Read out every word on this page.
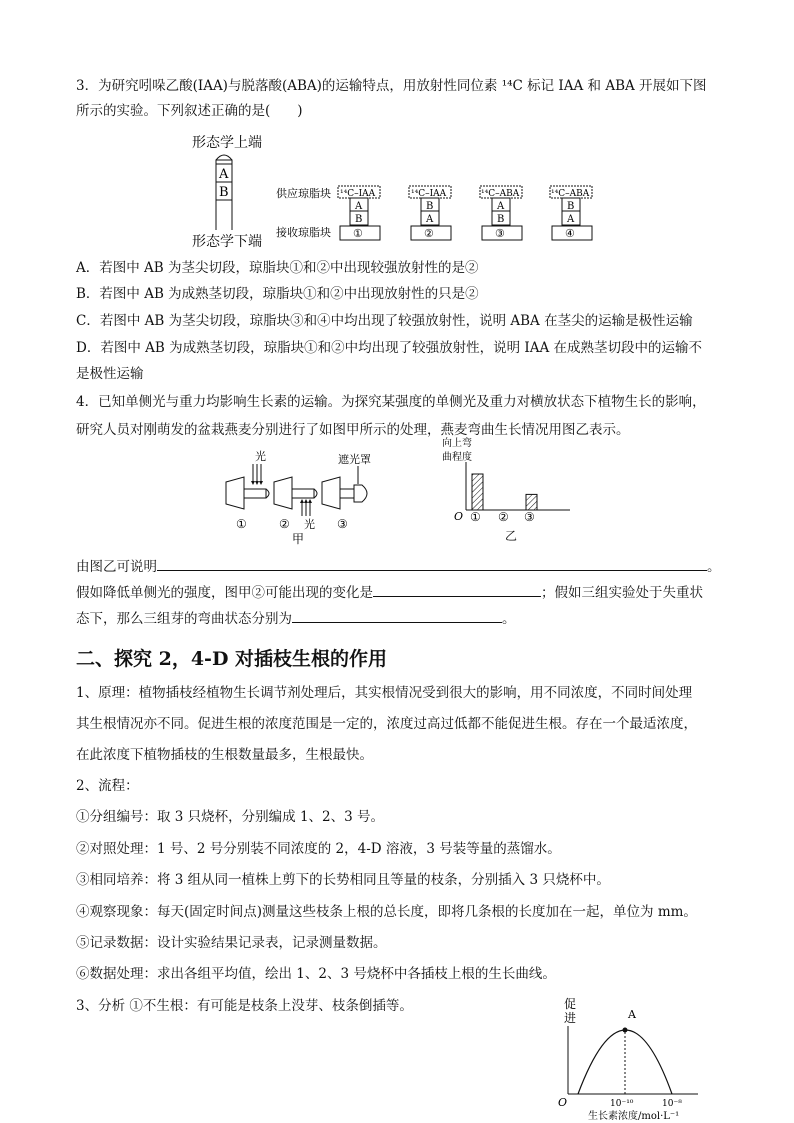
3．为研究吲哚乙酸(IAA)与脱落酸(ABA)的运输特点，用放射性同位素 ¹⁴C 标记 IAA 和 ABA 开展如下图
所示的实验。下列叙述正确的是(　　)
形态学上端
A
B
形态学下端
供应琼脂块
接收琼脂块
¹⁴C–IAA
A
B
①
¹⁴C–IAA
B
A
②
¹⁴C–ABA
A
B
③
¹⁴C–ABA
B
A
④
A．若图中 AB 为茎尖切段，琼脂块①和②中出现较强放射性的是②
B．若图中 AB 为成熟茎切段，琼脂块①和②中出现放射性的只是②
C．若图中 AB 为茎尖切段，琼脂块③和④中均出现了较强放射性，说明 ABA 在茎尖的运输是极性运输
D．若图中 AB 为成熟茎切段，琼脂块①和②中均出现了较强放射性，说明 IAA 在成熟茎切段中的运输不
是极性运输
4．已知单侧光与重力均影响生长素的运输。为探究某强度的单侧光及重力对横放状态下植物生长的影响，
研究人员对刚萌发的盆栽燕麦分别进行了如图甲所示的处理，燕麦弯曲生长情况用图乙表示。
光
光
遮光罩
①	②	③
甲
向上弯
曲程度
O ① ② ③
乙
由图乙可说明	。
假如降低单侧光的强度，图甲②可能出现的变化是	；假如三组实验处于失重状
态下，那么三组芽的弯曲状态分别为	。
二、探究 2，4-D 对插枝生根的作用
1、原理：植物插枝经植物生长调节剂处理后，其实根情况受到很大的影响，用不同浓度，不同时间处理
其生根情况亦不同。促进生根的浓度范围是一定的，浓度过高过低都不能促进生根。存在一个最适浓度，
在此浓度下植物插枝的生根数量最多，生根最快。
2、流程：
①分组编号：取 3 只烧杯，分别编成 1、2、3 号。
②对照处理：1 号、2 号分别装不同浓度的 2，4-D 溶液，3 号装等量的蒸馏水。
③相同培养：将 3 组从同一植株上剪下的长势相同且等量的枝条，分别插入 3 只烧杯中。
④观察现象：每天(固定时间点)测量这些枝条上根的总长度，即将几条根的长度加在一起，单位为 mm。
⑤记录数据：设计实验结果记录表，记录测量数据。
⑥数据处理：求出各组平均值，绘出 1、2、3 号烧杯中各插枝上根的生长曲线。
3、分析 ①不生根：有可能是枝条上没芽、枝条倒插等。	促
进	A
O	10⁻¹⁰	10⁻⁸
生长素浓度/mol·L⁻¹
